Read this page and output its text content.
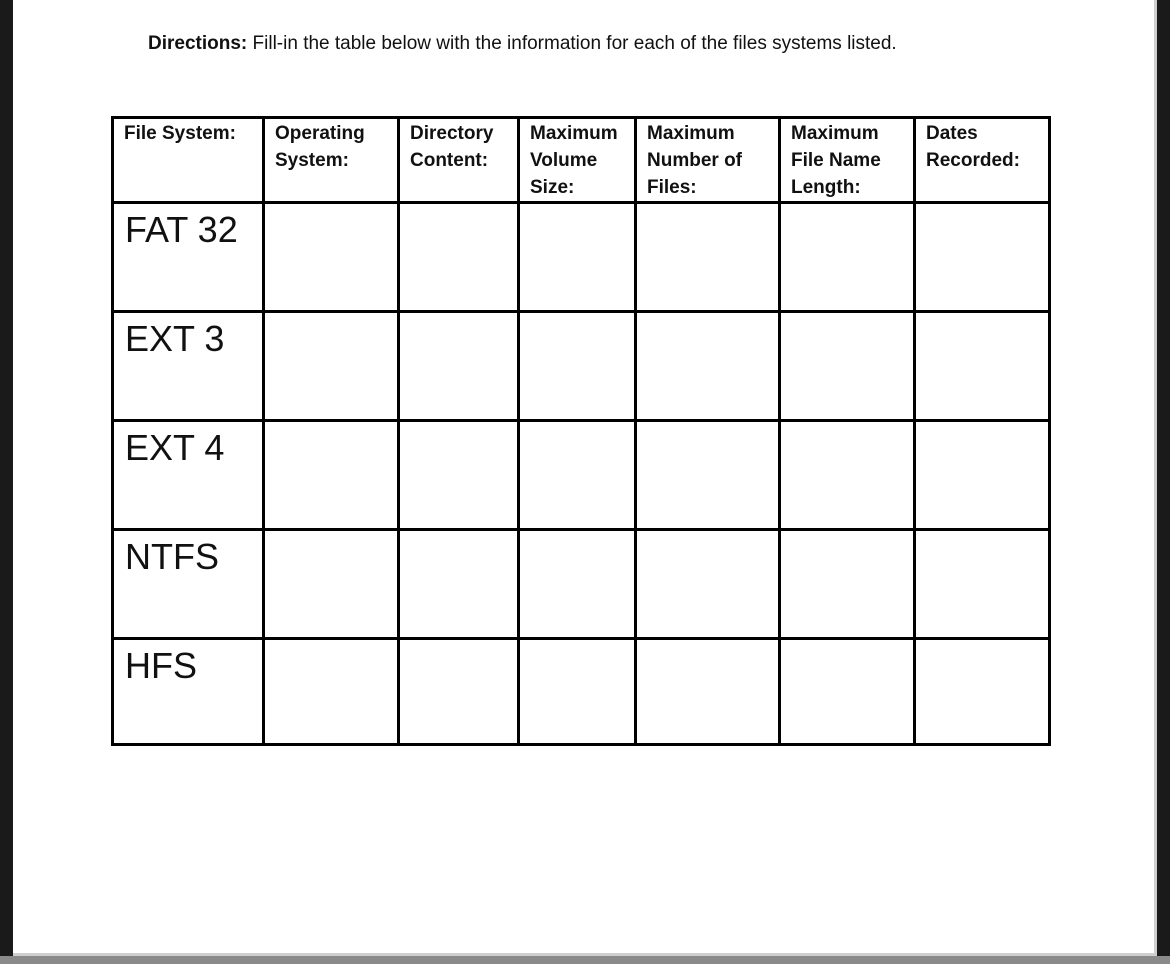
Directions: Fill-in the table below with the information for each of the files systems listed.
File System:	Operating System:	Directory Content:	Maximum Volume Size:	Maximum Number of Files:	Maximum File Name Length:	Dates Recorded:

FAT 32						

EXT 3						

EXT 4						

NTFS						

HFS						
